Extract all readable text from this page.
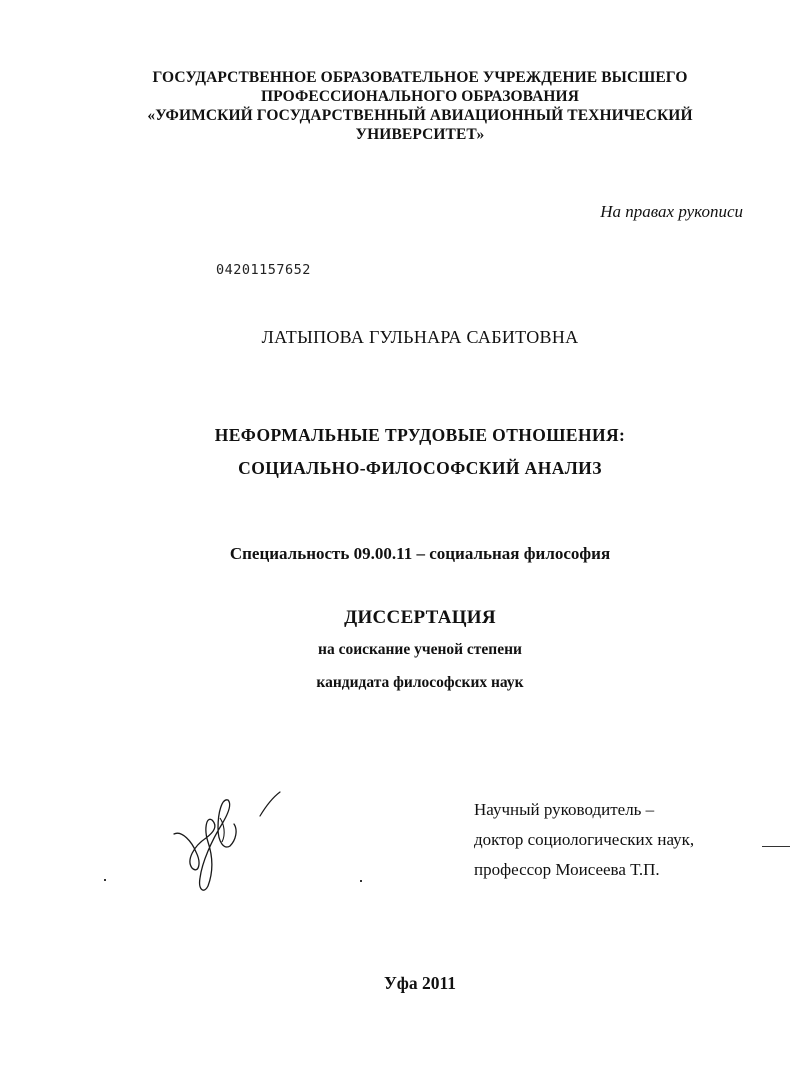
ГОСУДАРСТВЕННОЕ ОБРАЗОВАТЕЛЬНОЕ УЧРЕЖДЕНИЕ ВЫСШЕГО
ПРОФЕССИОНАЛЬНОГО ОБРАЗОВАНИЯ
«УФИМСКИЙ ГОСУДАРСТВЕННЫЙ АВИАЦИОННЫЙ ТЕХНИЧЕСКИЙ
УНИВЕРСИТЕТ»
На правах рукописи
04201157652
ЛАТЫПОВА ГУЛЬНАРА САБИТОВНА
НЕФОРМАЛЬНЫЕ ТРУДОВЫЕ ОТНОШЕНИЯ:
СОЦИАЛЬНО-ФИЛОСОФСКИЙ АНАЛИЗ
Специальность 09.00.11 – социальная философия
ДИССЕРТАЦИЯ
на соискание ученой степени
кандидата философских наук
Научный руководитель –
доктор социологических наук,
профессор Моисеева Т.П.
Уфа 2011
